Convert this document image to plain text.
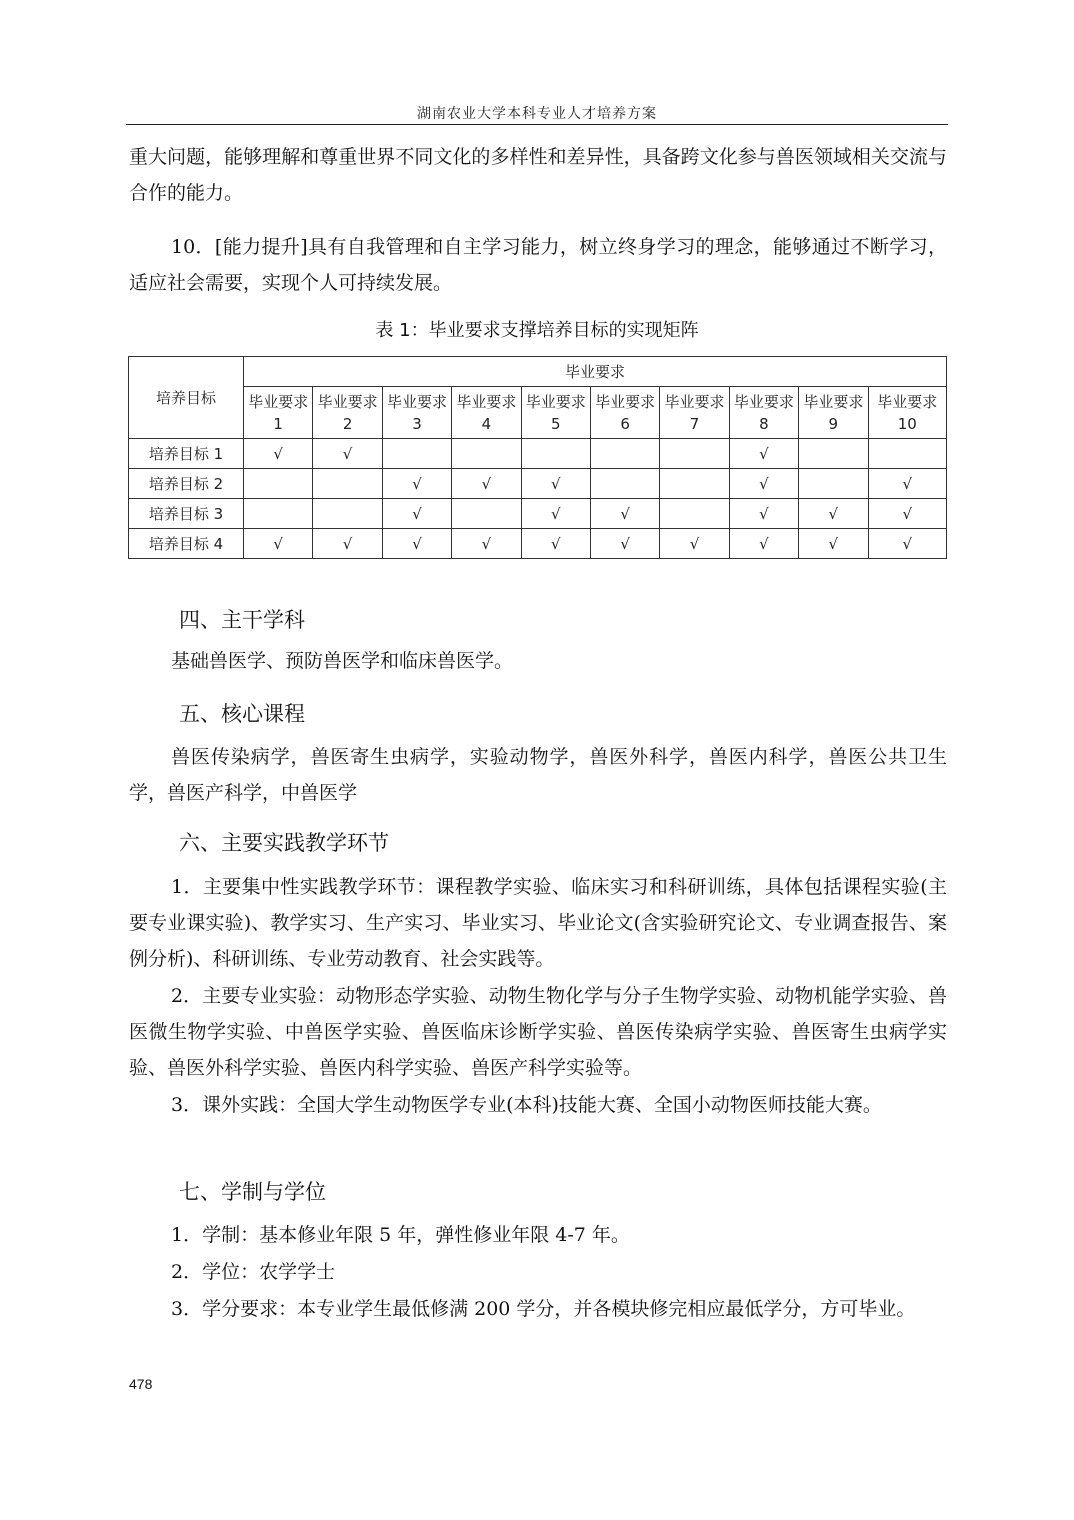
湖南农业大学本科专业人才培养方案

重大问题，能够理解和尊重世界不同文化的多样性和差异性，具备跨文化参与兽医领域相关交流与合作的能力。

10．[能力提升]具有自我管理和自主学习能力，树立终身学习的理念，能够通过不断学习，适应社会需要，实现个人可持续发展。

表 1：毕业要求支撑培养目标的实现矩阵
培养目标	毕业要求									
	毕业要求 1	毕业要求 2	毕业要求 3	毕业要求 4	毕业要求 5	毕业要求 6	毕业要求 7	毕业要求 8	毕业要求 9	毕业要求 10
培养目标 1	√	√						√		
培养目标 2			√	√	√			√		√
培养目标 3			√		√	√		√	√	√
培养目标 4	√	√	√	√	√	√	√	√	√	√
四、主干学科

基础兽医学、预防兽医学和临床兽医学。

五、核心课程

兽医传染病学，兽医寄生虫病学，实验动物学，兽医外科学，兽医内科学，兽医公共卫生学，兽医产科学，中兽医学

六、主要实践教学环节

1．主要集中性实践教学环节：课程教学实验、临床实习和科研训练，具体包括课程实验(主要专业课实验)、教学实习、生产实习、毕业实习、毕业论文(含实验研究论文、专业调查报告、案例分析)、科研训练、专业劳动教育、社会实践等。

2．主要专业实验：动物形态学实验、动物生物化学与分子生物学实验、动物机能学实验、兽医微生物学实验、中兽医学实验、兽医临床诊断学实验、兽医传染病学实验、兽医寄生虫病学实验、兽医外科学实验、兽医内科学实验、兽医产科学实验等。

3．课外实践：全国大学生动物医学专业(本科)技能大赛、全国小动物医师技能大赛。

七、学制与学位

1．学制：基本修业年限 5 年，弹性修业年限 4-7 年。

2．学位：农学学士

3．学分要求：本专业学生最低修满 200 学分，并各模块修完相应最低学分，方可毕业。

478
